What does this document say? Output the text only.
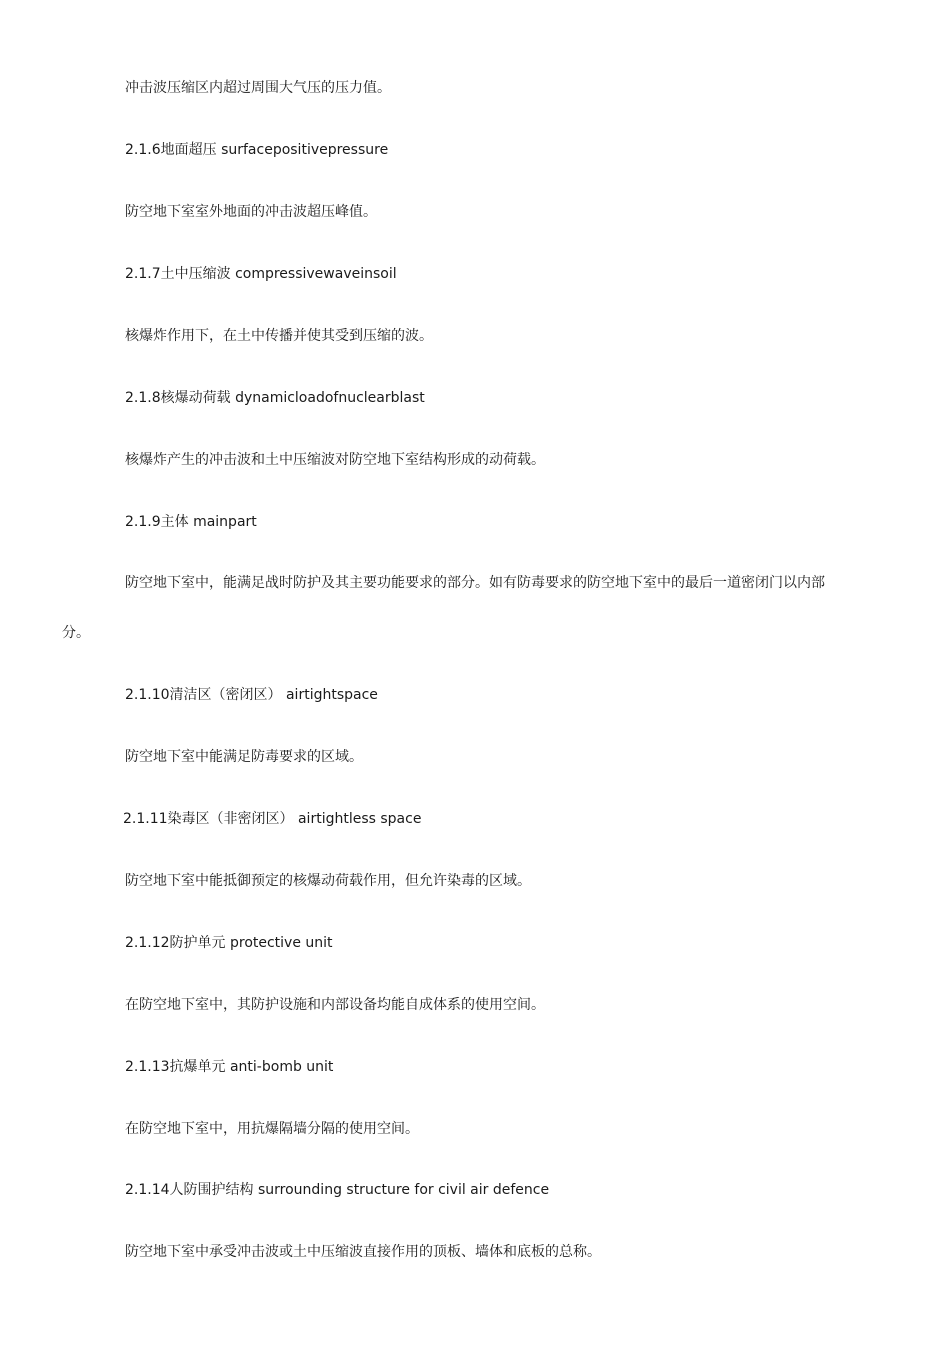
冲击波压缩区内超过周围大气压的压力值。
2.1.6地面超压 surfacepositivepressure
防空地下室室外地面的冲击波超压峰值。
2.1.7土中压缩波 compressivewaveinsoil
核爆炸作用下，在土中传播并使其受到压缩的波。
2.1.8核爆动荷载 dynamicloadofnuclearblast
核爆炸产生的冲击波和土中压缩波对防空地下室结构形成的动荷载。
2.1.9主体 mainpart
防空地下室中，能满足战时防护及其主要功能要求的部分。如有防毒要求的防空地下室中的最后一道密闭门以内部
分。
2.1.10清洁区（密闭区） airtightspace
防空地下室中能满足防毒要求的区域。
2.1.11染毒区（非密闭区） airtightless space
防空地下室中能抵御预定的核爆动荷载作用，但允许染毒的区域。
2.1.12防护单元 protective unit
在防空地下室中，其防护设施和内部设备均能自成体系的使用空间。
2.1.13抗爆单元 anti-bomb unit
在防空地下室中，用抗爆隔墙分隔的使用空间。
2.1.14人防围护结构 surrounding structure for civil air defence
防空地下室中承受冲击波或土中压缩波直接作用的顶板、墙体和底板的总称。
